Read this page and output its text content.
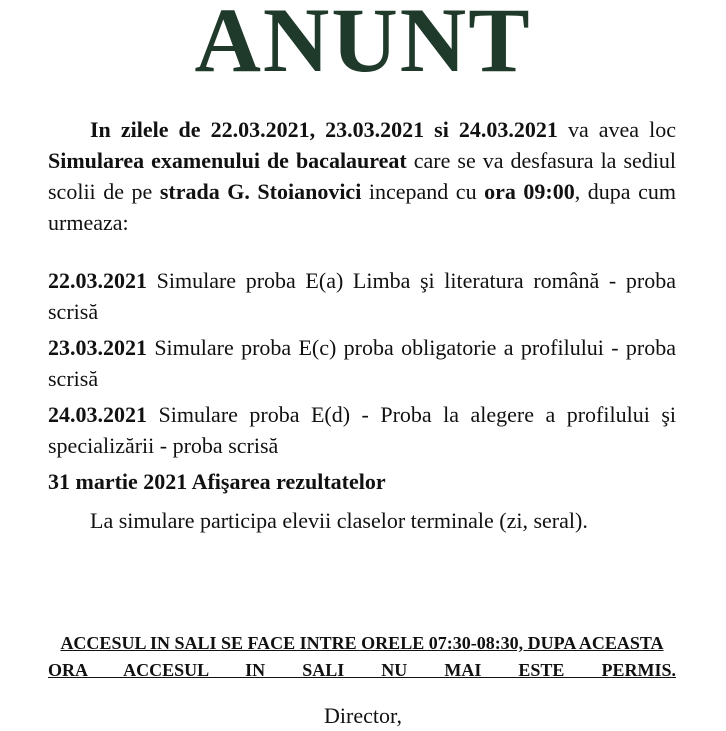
ANUNT

In zilele de 22.03.2021, 23.03.2021 si 24.03.2021 va avea loc Simularea examenului de bacalaureat care se va desfasura la sediul scolii de pe strada G. Stoianovici incepand cu ora 09:00, dupa cum urmeaza:

22.03.2021 Simulare proba E(a) Limba şi literatura română - proba scrisă

23.03.2021 Simulare proba E(c) proba obligatorie a profilului - proba scrisă

24.03.2021 Simulare proba E(d) - Proba la alegere a profilului şi specializării - proba scrisă

31 martie 2021 Afişarea rezultatelor

La simulare participa elevii claselor terminale (zi, seral).

ACCESUL IN SALI SE FACE INTRE ORELE 07:30-08:30, DUPA ACEASTA ORA ACCESUL IN SALI NU MAI ESTE PERMIS.

Director,
